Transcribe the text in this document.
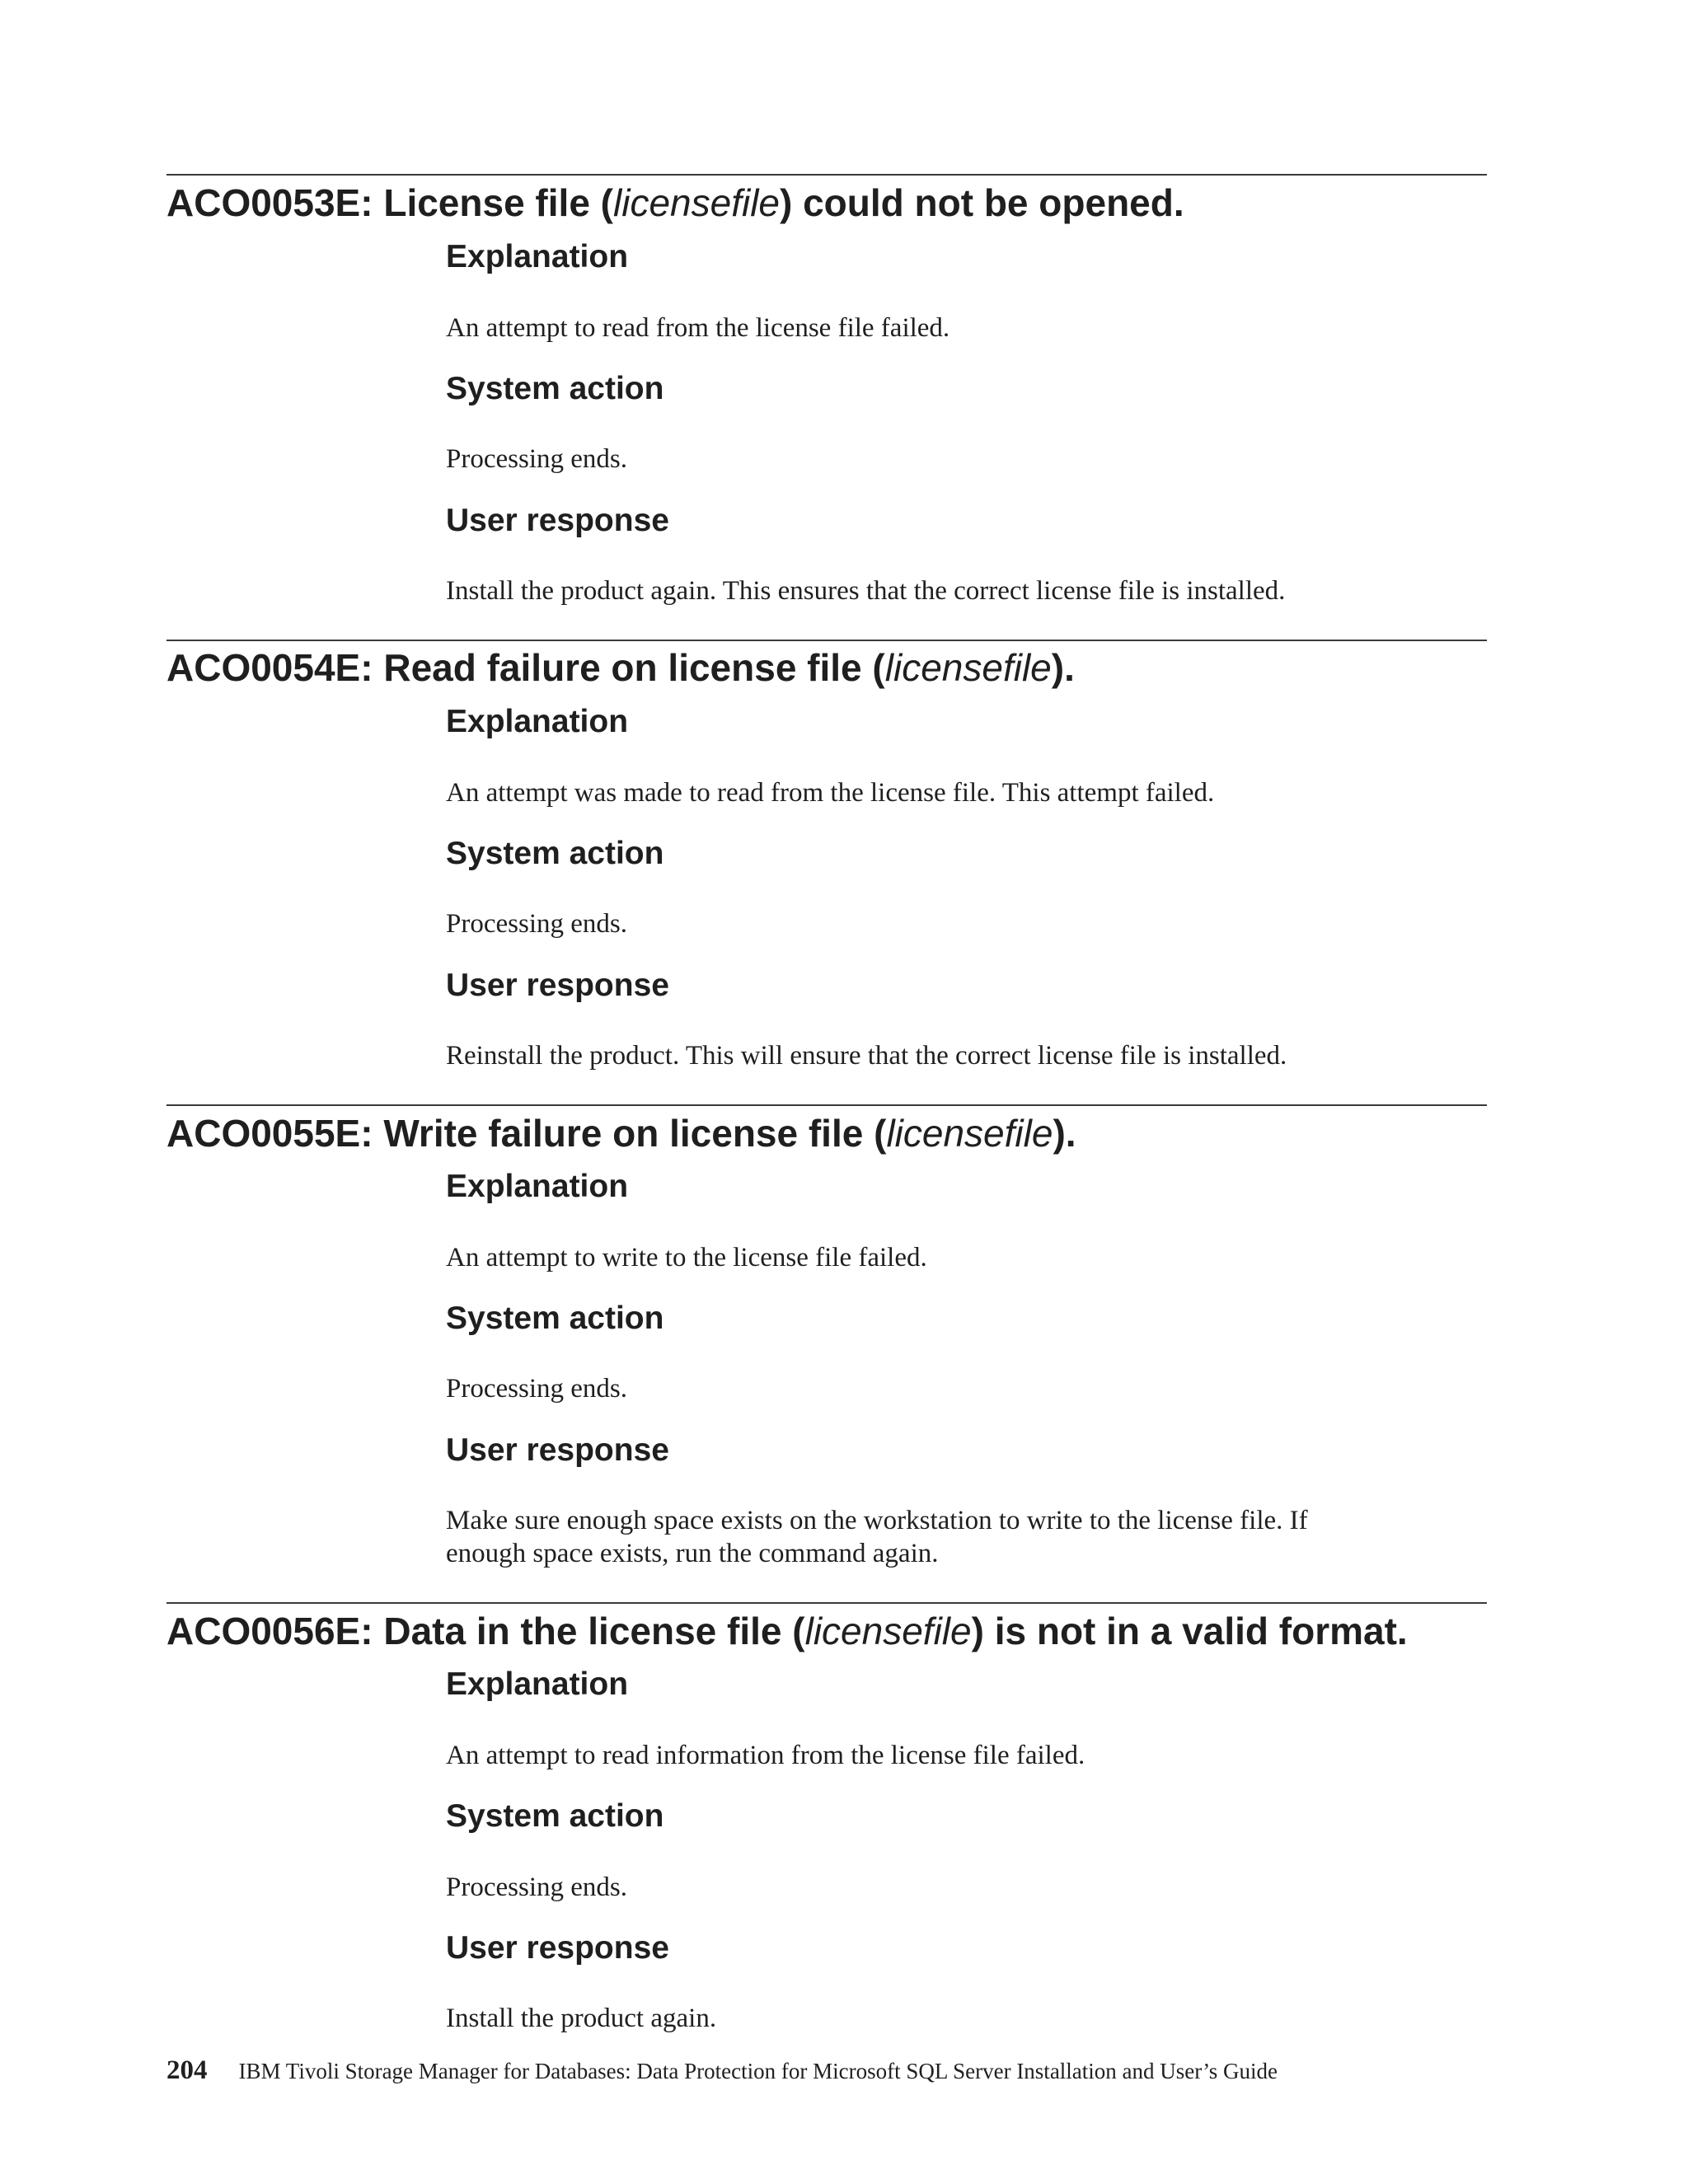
ACO0053E: License file (licensefile) could not be opened.
Explanation

An attempt to read from the license file failed.

System action

Processing ends.

User response

Install the product again. This ensures that the correct license file is installed.

ACO0054E: Read failure on license file (licensefile).
Explanation

An attempt was made to read from the license file. This attempt failed.

System action

Processing ends.

User response

Reinstall the product. This will ensure that the correct license file is installed.

ACO0055E: Write failure on license file (licensefile).
Explanation

An attempt to write to the license file failed.

System action

Processing ends.

User response

Make sure enough space exists on the workstation to write to the license file. If

enough space exists, run the command again.

ACO0056E: Data in the license file (licensefile) is not in a valid format.
Explanation

An attempt to read information from the license file failed.

System action

Processing ends.

User response

Install the product again.

204 IBM Tivoli Storage Manager for Databases: Data Protection for Microsoft SQL Server Installation and User’s Guide
